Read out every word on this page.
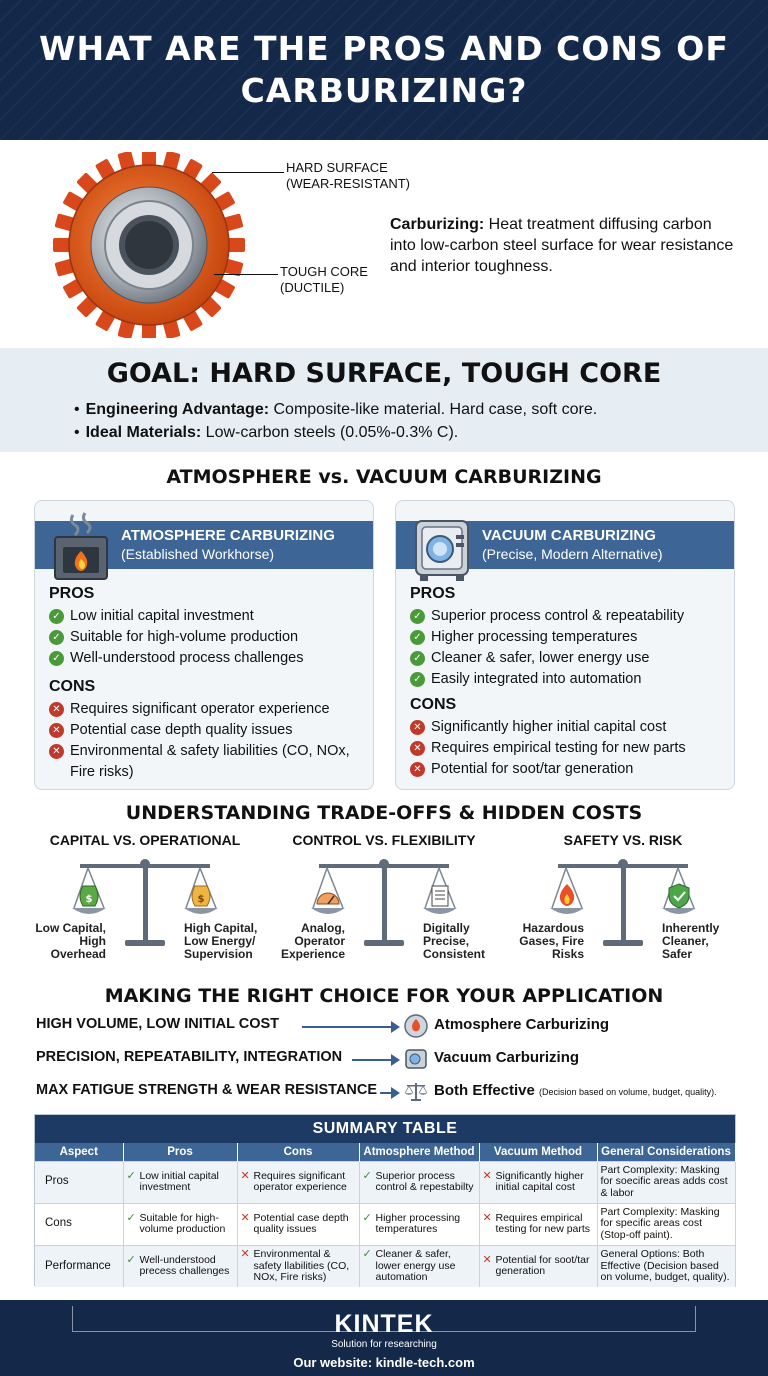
WHAT ARE THE PROS AND CONS OF CARBURIZING?
HARD SURFACE
(WEAR-RESISTANT)
TOUGH CORE
(DUCTILE)
Carburizing: Heat treatment diffusing carbon into low-carbon steel surface for wear resistance and interior toughness.
GOAL: HARD SURFACE, TOUGH CORE
• Engineering Advantage: Composite-like material. Hard case, soft core.
• Ideal Materials: Low-carbon steels (0.05%-0.3% C).
ATMOSPHERE vs. VACUUM CARBURIZING
ATMOSPHERE CARBURIZING
(Established Workhorse)
PROS
✓ Low initial capital investment
✓ Suitable for high-volume production
✓ Well-understood process challenges
CONS
✕ Requires significant operator experience
✕ Potential case depth quality issues
✕ Environmental & safety liabilities (CO, NOx, Fire risks)
VACUUM CARBURIZING
(Precise, Modern Alternative)
PROS
✓ Superior process control & repeatability
✓ Higher processing temperatures
✓ Cleaner & safer, lower energy use
✓ Easily integrated into automation
CONS
✕ Significantly higher initial capital cost
✕ Requires empirical testing for new parts
✕ Potential for soot/tar generation
UNDERSTANDING TRADE-OFFS & HIDDEN COSTS
CAPITAL VS. OPERATIONAL
$	$
Low Capital, High Overhead
High Capital, Low Energy/ Supervision
CONTROL VS. FLEXIBILITY
Analog, Operator Experience
Digitally Precise, Consistent
SAFETY VS. RISK
Hazardous Gases, Fire Risks
Inherently Cleaner, Safer
MAKING THE RIGHT CHOICE FOR YOUR APPLICATION
HIGH VOLUME, LOW INITIAL COST	Atmosphere Carburizing
PRECISION, REPEATABILITY, INTEGRATION	Vacuum Carburizing
MAX FATIGUE STRENGTH & WEAR RESISTANCE	Both Effective (Decision based on volume, budget, quality).
SUMMARY TABLE
Aspect	Pros	Cons	Atmosphere Method	Vacuum Method	General Considerations
Pros	✓ Low initial capital investment	✕ Requires significant operator experience	✓ Superior process control & repestabilty	✕ Significantly higher initial capital cost	Part Complexity: Masking for soecific areas adds cost & labor
Cons	✓ Suitable for high-volume production	✕ Potential case depth quality issues	✓ Higher processing temperatures	✕ Requires empirical testing for new parts	Part Complexity: Masking for specific areas cost (Stop-off paint).
Performance	✓ Well-understood precess challenges	✕ Environmental & safety llabilities (CO, NOx, Fire risks)	✓ Cleaner & safer, lower energy use automation	✕ Potential for soot/tar generation	General Options: Both Effective (Decision based on volume, budget, quality).
KINTEK
Solution for researching
Our website: kindle-tech.com
